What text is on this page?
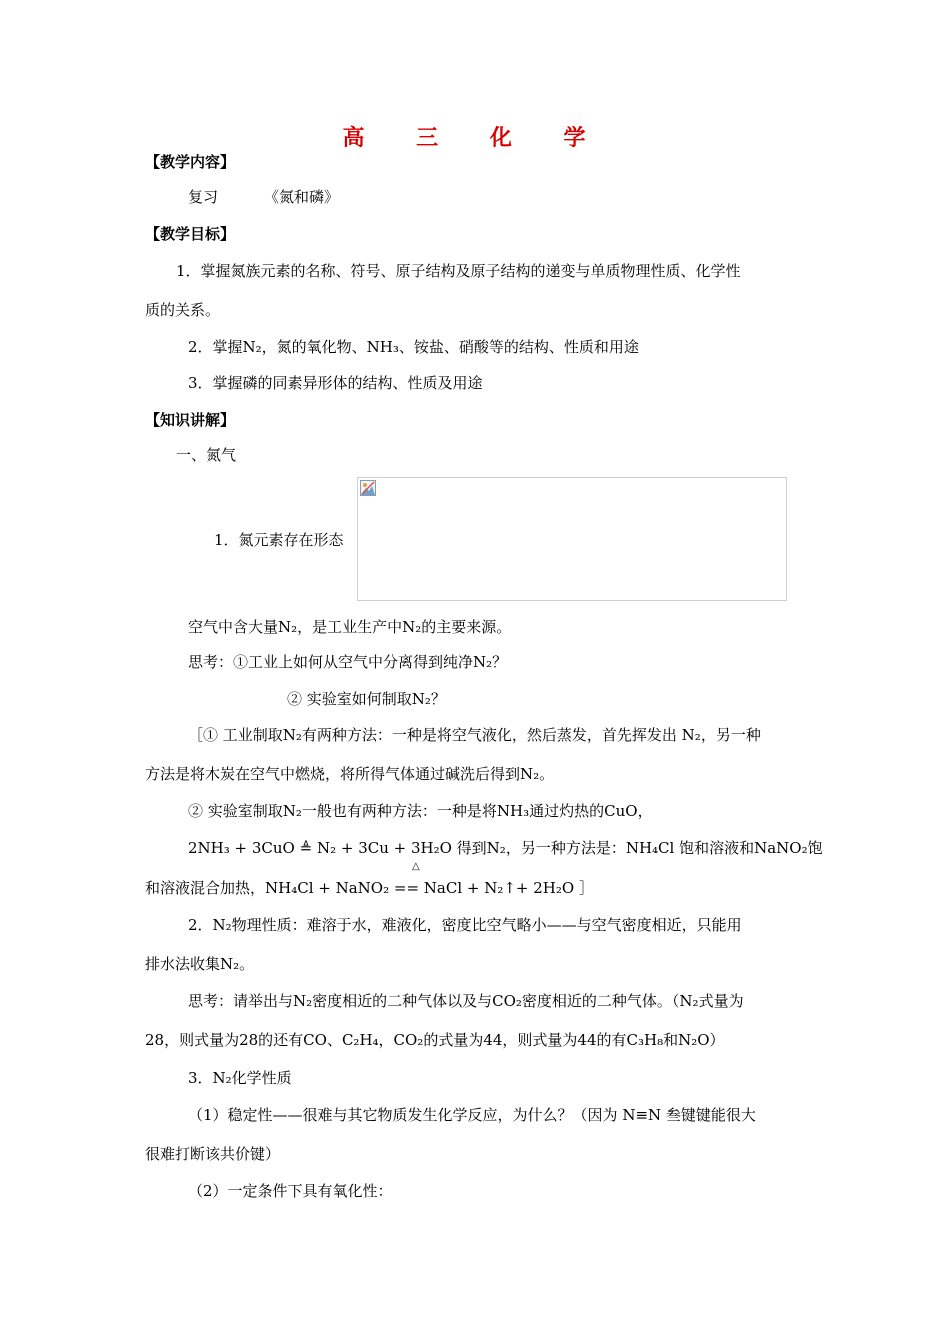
高 三 化 学
【教学内容】
复习	《氮和磷》
【教学目标】
1．掌握氮族元素的名称、符号、原子结构及原子结构的递变与单质物理性质、化学性
质的关系。
2．掌握N₂，氮的氧化物、NH₃、铵盐、硝酸等的结构、性质和用途
3．掌握磷的同素异形体的结构、性质及用途
【知识讲解】
一、氮气
1．氮元素存在形态
空气中含大量N₂，是工业生产中N₂的主要来源。
思考：①工业上如何从空气中分离得到纯净N₂？
② 实验室如何制取N₂？
［① 工业制取N₂有两种方法：一种是将空气液化，然后蒸发，首先挥发出 N₂，另一种
方法是将木炭在空气中燃烧，将所得气体通过碱洗后得到N₂。
② 实验室制取N₂一般也有两种方法：一种是将NH₃通过灼热的CuO，
2NH₃ + 3CuO ≜ N₂ + 3Cu + 3H₂O 得到N₂，另一种方法是：NH₄Cl 饱和溶液和NaNO₂饱
△
和溶液混合加热，NH₄Cl + NaNO₂ == NaCl + N₂↑+ 2H₂O ］
2．N₂物理性质：难溶于水，难液化，密度比空气略小——与空气密度相近，只能用
排水法收集N₂。
思考：请举出与N₂密度相近的二种气体以及与CO₂密度相近的二种气体。（N₂式量为
28，则式量为28的还有CO、C₂H₄，CO₂的式量为44，则式量为44的有C₃H₈和N₂O）
3．N₂化学性质
（1）稳定性——很难与其它物质发生化学反应，为什么？（因为 N≡N 叁键键能很大
很难打断该共价键）
（2）一定条件下具有氧化性：
